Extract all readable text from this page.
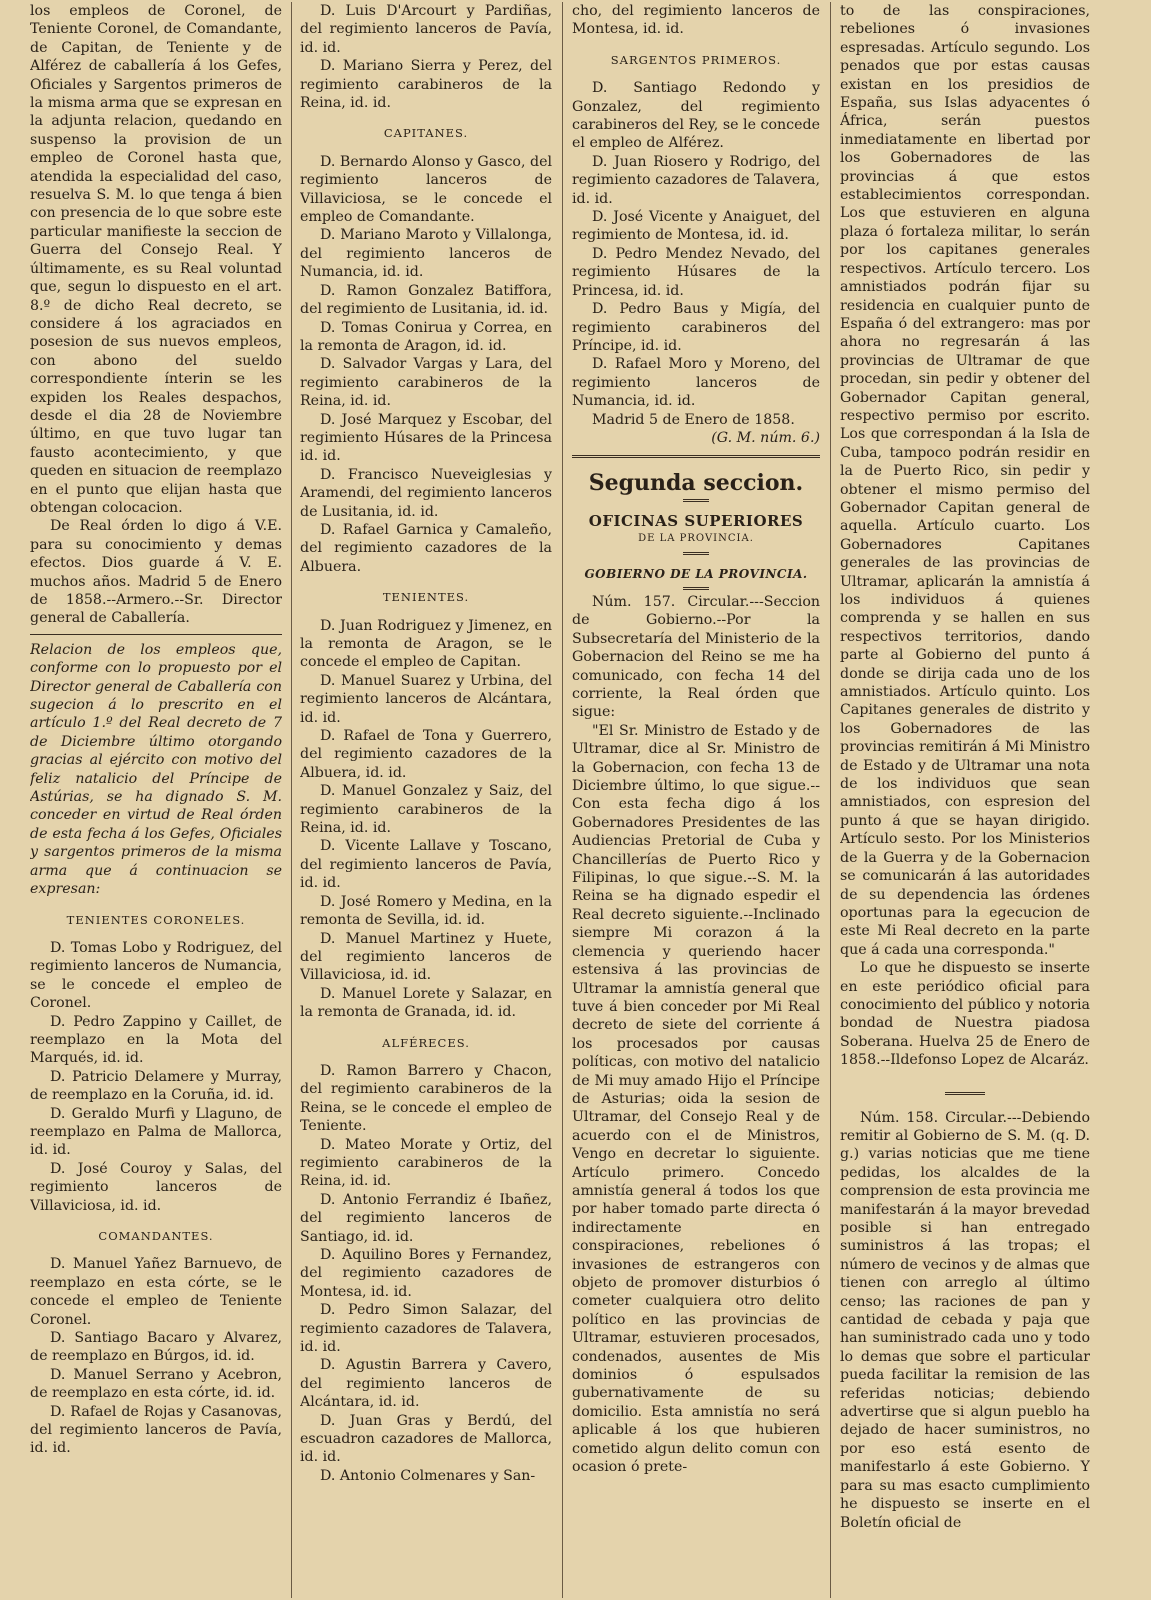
los empleos de Coronel, de Teniente Coronel, de Comandante, de Capitan, de Teniente y de Alférez de caballería á los Gefes, Oficiales y Sargentos primeros de la misma arma que se expresan en la adjunta relacion, quedando en suspenso la provision de un empleo de Coronel hasta que, atendida la especialidad del caso, resuelva S. M. lo que tenga á bien con presencia de lo que sobre este particular manifieste la seccion de Guerra del Consejo Real. Y últimamente, es su Real voluntad que, segun lo dispuesto en el art. 8.º de dicho Real decreto, se considere á los agraciados en posesion de sus nuevos empleos, con abono del sueldo correspondiente ínterin se les expiden los Reales despachos, desde el dia 28 de Noviembre último, en que tuvo lugar tan fausto acontecimiento, y que queden en situacion de reemplazo en el punto que elijan hasta que obtengan colocacion.

De Real órden lo digo á V.E. para su conocimiento y demas efectos. Dios guarde á V. E. muchos años. Madrid 5 de Enero de 1858.--Armero.--Sr. Director general de Caballería.

Relacion de los empleos que, conforme con lo propuesto por el Director general de Caballería con sugecion á lo prescrito en el artículo 1.º del Real decreto de 7 de Diciembre último otorgando gracias al ejército con motivo del feliz natalicio del Príncipe de Astúrias, se ha dignado S. M. conceder en virtud de Real órden de esta fecha á los Gefes, Oficiales y sargentos primeros de la misma arma que á continuacion se expresan:

TENIENTES CORONELES.

D. Tomas Lobo y Rodriguez, del regimiento lanceros de Numancia, se le concede el empleo de Coronel.

D. Pedro Zappino y Caillet, de reemplazo en la Mota del Marqués, id. id.

D. Patricio Delamere y Murray, de reemplazo en la Coruña, id. id.

D. Geraldo Murfi y Llaguno, de reemplazo en Palma de Mallorca, id. id.

D. José Couroy y Salas, del regimiento lanceros de Villaviciosa, id. id.

COMANDANTES.

D. Manuel Yañez Barnuevo, de reemplazo en esta córte, se le concede el empleo de Teniente Coronel.

D. Santiago Bacaro y Alvarez, de reemplazo en Búrgos, id. id.

D. Manuel Serrano y Acebron, de reemplazo en esta córte, id. id.

D. Rafael de Rojas y Casanovas, del regimiento lanceros de Pavía, id. id.

D. Luis D'Arcourt y Pardiñas, del regimiento lanceros de Pavía, id. id.

D. Mariano Sierra y Perez, del regimiento carabineros de la Reina, id. id.

CAPITANES.

D. Bernardo Alonso y Gasco, del regimiento lanceros de Villaviciosa, se le concede el empleo de Comandante.

D. Mariano Maroto y Villalonga, del regimiento lanceros de Numancia, id. id.

D. Ramon Gonzalez Batiffora, del regimiento de Lusitania, id. id.

D. Tomas Conirua y Correa, en la remonta de Aragon, id. id.

D. Salvador Vargas y Lara, del regimiento carabineros de la Reina, id. id.

D. José Marquez y Escobar, del regimiento Húsares de la Princesa id. id.

D. Francisco Nueveiglesias y Aramendi, del regimiento lanceros de Lusitania, id. id.

D. Rafael Garnica y Camaleño, del regimiento cazadores de la Albuera.

TENIENTES.

D. Juan Rodriguez y Jimenez, en la remonta de Aragon, se le concede el empleo de Capitan.

D. Manuel Suarez y Urbina, del regimiento lanceros de Alcántara, id. id.

D. Rafael de Tona y Guerrero, del regimiento cazadores de la Albuera, id. id.

D. Manuel Gonzalez y Saiz, del regimiento carabineros de la Reina, id. id.

D. Vicente Lallave y Toscano, del regimiento lanceros de Pavía, id. id.

D. José Romero y Medina, en la remonta de Sevilla, id. id.

D. Manuel Martinez y Huete, del regimiento lanceros de Villaviciosa, id. id.

D. Manuel Lorete y Salazar, en la remonta de Granada, id. id.

ALFÉRECES.

D. Ramon Barrero y Chacon, del regimiento carabineros de la Reina, se le concede el empleo de Teniente.

D. Mateo Morate y Ortiz, del regimiento carabineros de la Reina, id. id.

D. Antonio Ferrandiz é Ibañez, del regimiento lanceros de Santiago, id. id.

D. Aquilino Bores y Fernandez, del regimiento cazadores de Montesa, id. id.

D. Pedro Simon Salazar, del regimiento cazadores de Talavera, id. id.

D. Agustin Barrera y Cavero, del regimiento lanceros de Alcántara, id. id.

D. Juan Gras y Berdú, del escuadron cazadores de Mallorca, id. id.

D. Antonio Colmenares y San-

cho, del regimiento lanceros de Montesa, id. id.

SARGENTOS PRIMEROS.

D. Santiago Redondo y Gonzalez, del regimiento carabineros del Rey, se le concede el empleo de Alférez.

D. Juan Riosero y Rodrigo, del regimiento cazadores de Talavera, id. id.

D. José Vicente y Anaiguet, del regimiento de Montesa, id. id.

D. Pedro Mendez Nevado, del regimiento Húsares de la Princesa, id. id.

D. Pedro Baus y Migía, del regimiento carabineros del Príncipe, id. id.

D. Rafael Moro y Moreno, del regimiento lanceros de Numancia, id. id.

Madrid 5 de Enero de 1858.

(G. M. núm. 6.)

Segunda seccion.
OFICINAS SUPERIORES
DE LA PROVINCIA.
GOBIERNO DE LA PROVINCIA.

Núm. 157. Circular.---Seccion de Gobierno.--Por la Subsecretaría del Ministerio de la Gobernacion del Reino se me ha comunicado, con fecha 14 del corriente, la Real órden que sigue:

"El Sr. Ministro de Estado y de Ultramar, dice al Sr. Ministro de la Gobernacion, con fecha 13 de Diciembre último, lo que sigue.--Con esta fecha digo á los Gobernadores Presidentes de las Audiencias Pretorial de Cuba y Chancillerías de Puerto Rico y Filipinas, lo que sigue.--S. M. la Reina se ha dignado espedir el Real decreto siguiente.--Inclinado siempre Mi corazon á la clemencia y queriendo hacer estensiva á las provincias de Ultramar la amnistía general que tuve á bien conceder por Mi Real decreto de siete del corriente á los procesados por causas políticas, con motivo del natalicio de Mi muy amado Hijo el Príncipe de Asturias; oida la sesion de Ultramar, del Consejo Real y de acuerdo con el de Ministros, Vengo en decretar lo siguiente. Artículo primero. Concedo amnistía general á todos los que por haber tomado parte directa ó indirectamente en conspiraciones, rebeliones ó invasiones de estrangeros con objeto de promover disturbios ó cometer cualquiera otro delito político en las provincias de Ultramar, estuvieren procesados, condenados, ausentes de Mis dominios ó espulsados gubernativamente de su domicilio. Esta amnistía no será aplicable á los que hubieren cometido algun delito comun con ocasion ó prete-

to de las conspiraciones, rebeliones ó invasiones espresadas. Artículo segundo. Los penados que por estas causas existan en los presidios de España, sus Islas adyacentes ó África, serán puestos inmediatamente en libertad por los Gobernadores de las provincias á que estos establecimientos correspondan. Los que estuvieren en alguna plaza ó fortaleza militar, lo serán por los capitanes generales respectivos. Artículo tercero. Los amnistiados podrán fijar su residencia en cualquier punto de España ó del extrangero: mas por ahora no regresarán á las provincias de Ultramar de que procedan, sin pedir y obtener del Gobernador Capitan general, respectivo permiso por escrito. Los que correspondan á la Isla de Cuba, tampoco podrán residir en la de Puerto Rico, sin pedir y obtener el mismo permiso del Gobernador Capitan general de aquella. Artículo cuarto. Los Gobernadores Capitanes generales de las provincias de Ultramar, aplicarán la amnistía á los individuos á quienes comprenda y se hallen en sus respectivos territorios, dando parte al Gobierno del punto á donde se dirija cada uno de los amnistiados. Artículo quinto. Los Capitanes generales de distrito y los Gobernadores de las provincias remitirán á Mi Ministro de Estado y de Ultramar una nota de los individuos que sean amnistiados, con espresion del punto á que se hayan dirigido. Artículo sesto. Por los Ministerios de la Guerra y de la Gobernacion se comunicarán á las autoridades de su dependencia las órdenes oportunas para la egecucion de este Mi Real decreto en la parte que á cada una corresponda."

Lo que he dispuesto se inserte en este periódico oficial para conocimiento del público y notoria bondad de Nuestra piadosa Soberana. Huelva 25 de Enero de 1858.--Ildefonso Lopez de Alcaráz.

Núm. 158. Circular.---Debiendo remitir al Gobierno de S. M. (q. D. g.) varias noticias que me tiene pedidas, los alcaldes de la comprension de esta provincia me manifestarán á la mayor brevedad posible si han entregado suministros á las tropas; el número de vecinos y de almas que tienen con arreglo al último censo; las raciones de pan y cantidad de cebada y paja que han suministrado cada uno y todo lo demas que sobre el particular pueda facilitar la remision de las referidas noticias; debiendo advertirse que si algun pueblo ha dejado de hacer suministros, no por eso está esento de manifestarlo á este Gobierno. Y para su mas esacto cumplimiento he dispuesto se inserte en el Boletín oficial de
